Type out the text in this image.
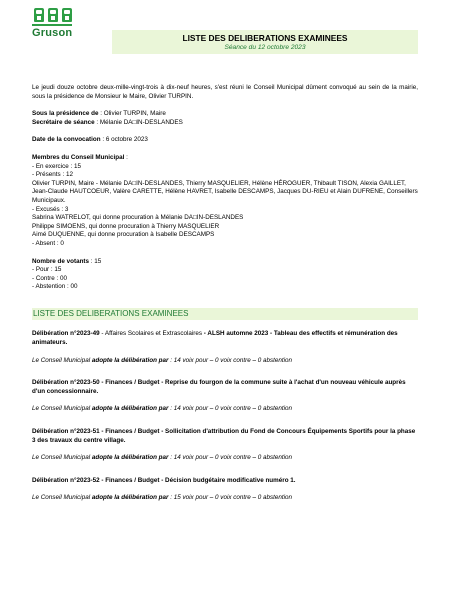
Gruson	LISTE DES DELIBERATIONS EXAMINEES
Séance du 12 octobre 2023
Le jeudi douze octobre deux-mille-vingt-trois à dix-neuf heures, s'est réuni le Conseil Municipal dûment convoqué au sein de la mairie, sous la présidence de Monsieur le Maire, Olivier TURPIN.
Sous la présidence de : Olivier TURPIN, Maire
Secrétaire de séance : Mélanie DA□IN-DESLANDES
Date de la convocation : 6 octobre 2023
Membres du Conseil Municipal :
- En exercice : 15
- Présents : 12
Olivier TURPIN, Maire - Mélanie DA□IN-DESLANDES, Thierry MASQUELIER, Hélène HÉROGUER, Thibault TISON, Alexia GAILLET, Jean-Claude HAUTCOEUR, Valère CARETTE, Hélène HAVRET, Isabelle DESCAMPS, Jacques DU-RIEU et Alain DUFRENE, Conseillers Municipaux.
- Excusés : 3
Sabrina WATRELOT, qui donne procuration à Mélanie DA□IN-DESLANDES
Philippe SIMOENS, qui donne procuration à Thierry MASQUELIER
Aimé DUQUENNE, qui donne procuration à Isabelle DESCAMPS
- Absent : 0
Nombre de votants : 15
- Pour : 15
- Contre : 00
- Abstention : 00
LISTE DES DELIBERATIONS EXAMINEES
Délibération n°2023-49 - Affaires Scolaires et Extrascolaires - ALSH automne 2023 - Tableau des effectifs et rémunération des animateurs.
Le Conseil Municipal adopte la délibération par : 14 voix pour – 0 voix contre – 0 abstention
Délibération n°2023-50 - Finances / Budget - Reprise du fourgon de la commune suite à l'achat d'un nouveau véhicule auprès d'un concessionnaire.
Le Conseil Municipal adopte la délibération par : 14 voix pour – 0 voix contre – 0 abstention
Délibération n°2023-51 - Finances / Budget - Sollicitation d'attribution du Fond de Concours Équipements Sportifs pour la phase 3 des travaux du centre village.
Le Conseil Municipal adopte la délibération par : 14 voix pour – 0 voix contre – 0 abstention
Délibération n°2023-52 - Finances / Budget - Décision budgétaire modificative numéro 1.
Le Conseil Municipal adopte la délibération par : 15 voix pour – 0 voix contre – 0 abstention
